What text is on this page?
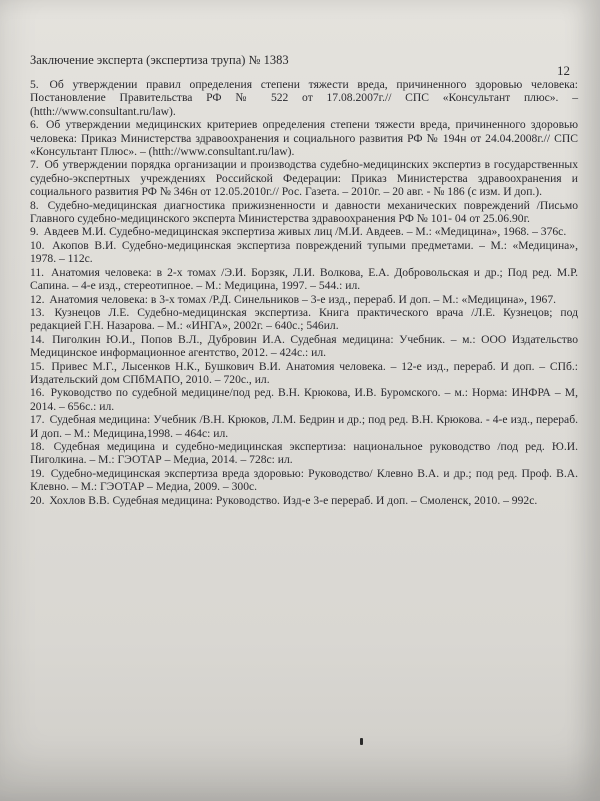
Заключение эксперта (экспертиза трупа) № 1383
12
5. Об утверждении правил определения степени тяжести вреда, причиненного здоровью человека: Постановление Правительства РФ № 522 от 17.08.2007г.// СПС «Консультант плюс». – (htth://www.consultant.ru/law).
6. Об утверждении медицинских критериев определения степени тяжести вреда, причиненного здоровью человека: Приказ Министерства здравоохранения и социального развития РФ № 194н от 24.04.2008г.// СПС «Консультант Плюс». – (htth://www.consultant.ru/law).
7. Об утверждении порядка организации и производства судебно-медицинских экспертиз в государственных судебно-экспертных учреждениях Российской Федерации: Приказ Министерства здравоохранения и социального развития РФ № 346н от 12.05.2010г.// Рос. Газета. – 2010г. – 20 авг. - № 186 (с изм. И доп.).
8. Судебно-медицинская диагностика прижизненности и давности механических повреждений /Письмо Главного судебно-медицинского эксперта Министерства здравоохранения РФ № 101- 04 от 25.06.90г.
9. Авдеев М.И. Судебно-медицинская экспертиза живых лиц /М.И. Авдеев. – М.: «Медицина», 1968. – 376с.
10. Акопов В.И. Судебно-медицинская экспертиза повреждений тупыми предметами. – М.: «Медицина», 1978. – 112с.
11. Анатомия человека: в 2-х томах /Э.И. Борзяк, Л.И. Волкова, Е.А. Добровольская и др.; Под ред. М.Р. Сапина. – 4-е изд., стереотипное. – М.: Медицина, 1997. – 544.: ил.
12. Анатомия человека: в 3-х томах /Р.Д. Синельников – 3-е изд., перераб. И доп. – М.: «Медицина», 1967.
13. Кузнецов Л.Е. Судебно-медицинская экспертиза. Книга практического врача /Л.Е. Кузнецов; под редакцией Г.Н. Назарова. – М.: «ИНГА», 2002г. – 640с.; 546ил.
14. Пиголкин Ю.И., Попов В.Л., Дубровин И.А. Судебная медицина: Учебник. – м.: ООО Издательство Медицинское информационное агентство, 2012. – 424с.: ил.
15. Привес М.Г., Лысенков Н.К., Бушкович В.И. Анатомия человека. – 12-е изд., перераб. И доп. – СПб.: Издательский дом СПбМАПО, 2010. – 720с., ил.
16. Руководство по судебной медицине/под ред. В.Н. Крюкова, И.В. Буромского. – м.: Норма: ИНФРА – М, 2014. – 656с.: ил.
17. Судебная медицина: Учебник /В.Н. Крюков, Л.М. Бедрин и др.; под ред. В.Н. Крюкова. - 4-е изд., перераб. И доп. – М.: Медицина,1998. – 464с: ил.
18. Судебная медицина и судебно-медицинская экспертиза: национальное руководство /под ред. Ю.И. Пиголкина. – М.: ГЭОТАР – Медиа, 2014. – 728с: ил.
19. Судебно-медицинская экспертиза вреда здоровью: Руководство/ Клевно В.А. и др.; под ред. Проф. В.А. Клевно. – М.: ГЭОТАР – Медиа, 2009. – 300с.
20. Хохлов В.В. Судебная медицина: Руководство. Изд-е 3-е перераб. И доп. – Смоленск, 2010. – 992с.
